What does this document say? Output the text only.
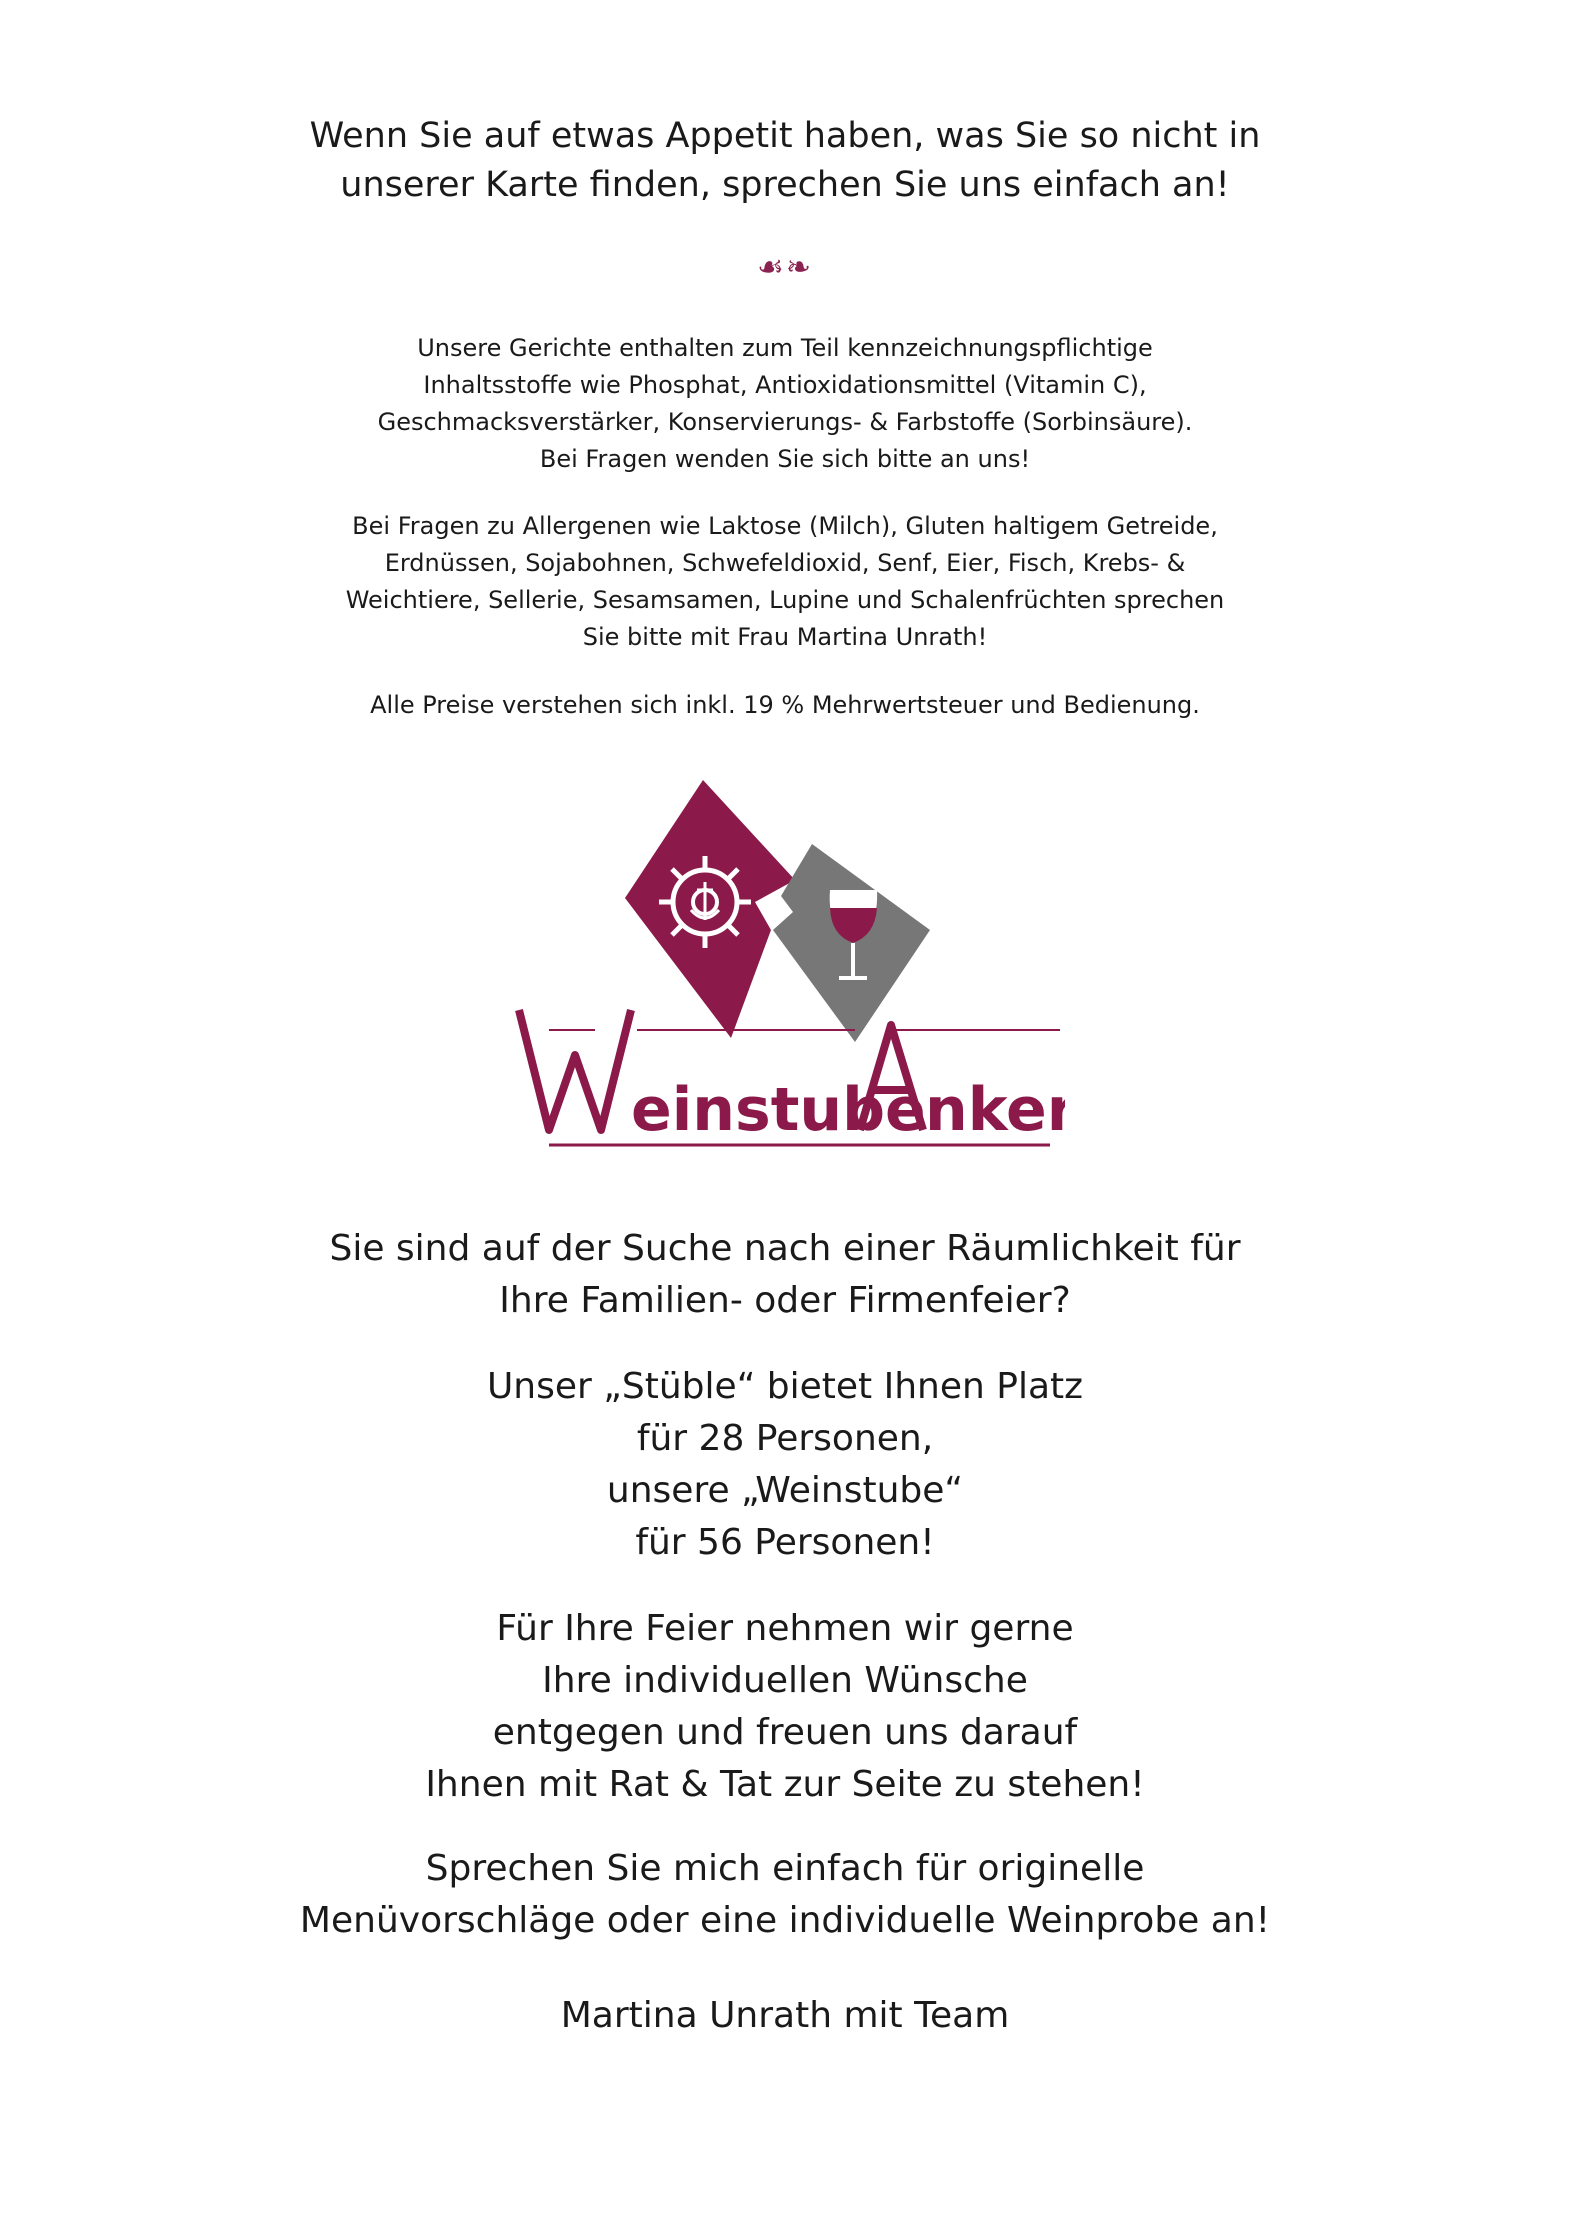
Wenn Sie auf etwas Appetit haben, was Sie so nicht in
unserer Karte finden, sprechen Sie uns einfach an!
☙❧
Unsere Gerichte enthalten zum Teil kennzeichnungspflichtige
Inhaltsstoffe wie Phosphat, Antioxidationsmittel (Vitamin C),
Geschmacksverstärker, Konservierungs- & Farbstoffe (Sorbinsäure).
Bei Fragen wenden Sie sich bitte an uns!
Bei Fragen zu Allergenen wie Laktose (Milch), Gluten haltigem Getreide,
Erdnüssen, Sojabohnen, Schwefeldioxid, Senf, Eier, Fisch, Krebs- &
Weichtiere, Sellerie, Sesamsamen, Lupine und Schalenfrüchten sprechen
Sie bitte mit Frau Martina Unrath!
Alle Preise verstehen sich inkl. 19 % Mehrwertsteuer und Bedienung.
einstube nker
Sie sind auf der Suche nach einer Räumlichkeit für
Ihre Familien- oder Firmenfeier?
Unser „Stüble“ bietet Ihnen Platz
für 28 Personen,
unsere „Weinstube“
für 56 Personen!
Für Ihre Feier nehmen wir gerne
Ihre individuellen Wünsche
entgegen und freuen uns darauf
Ihnen mit Rat & Tat zur Seite zu stehen!
Sprechen Sie mich einfach für originelle
Menüvorschläge oder eine individuelle Weinprobe an!
Martina Unrath mit Team
